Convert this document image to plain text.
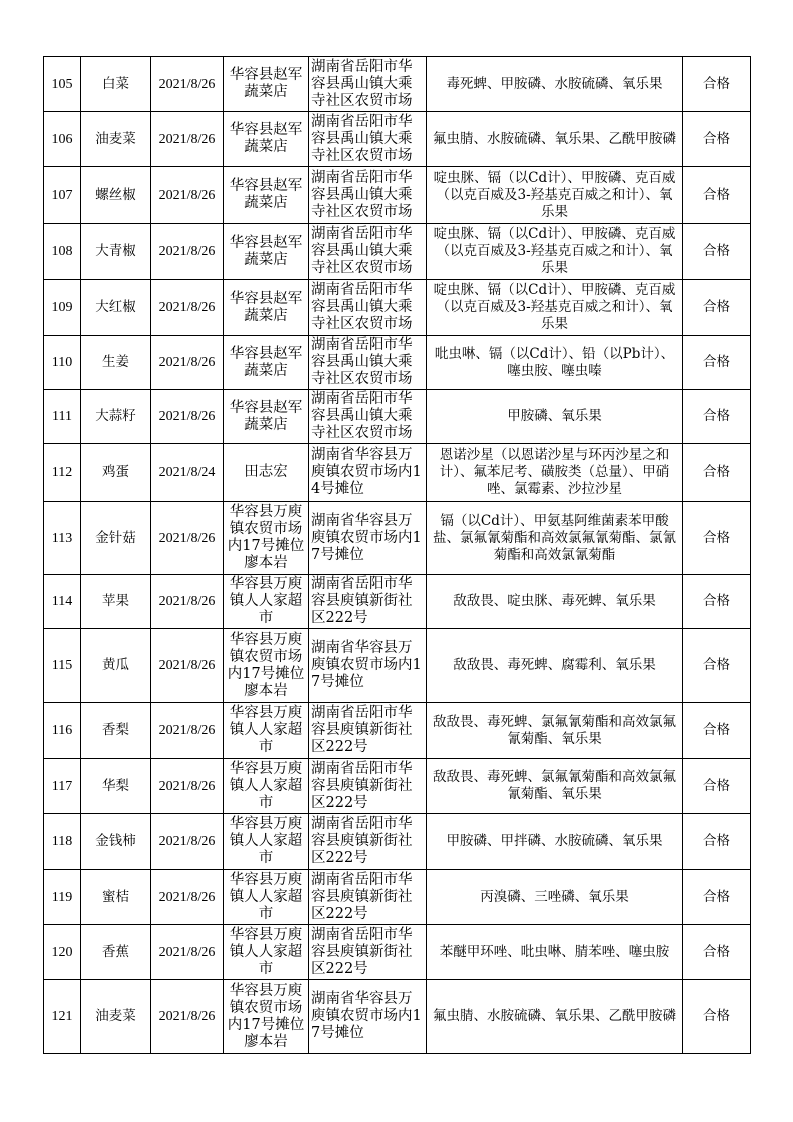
105	白菜	2021/8/26	华容县赵军蔬菜店	湖南省岳阳市华容县禹山镇大乘寺社区农贸市场	毒死蜱、甲胺磷、水胺硫磷、氧乐果	合格
106	油麦菜	2021/8/26	华容县赵军蔬菜店	湖南省岳阳市华容县禹山镇大乘寺社区农贸市场	氟虫腈、水胺硫磷、氧乐果、乙酰甲胺磷	合格
107	螺丝椒	2021/8/26	华容县赵军蔬菜店	湖南省岳阳市华容县禹山镇大乘寺社区农贸市场	啶虫脒、镉（以Cd计）、甲胺磷、克百威（以克百威及3-羟基克百威之和计）、氧乐果	合格
108	大青椒	2021/8/26	华容县赵军蔬菜店	湖南省岳阳市华容县禹山镇大乘寺社区农贸市场	啶虫脒、镉（以Cd计）、甲胺磷、克百威（以克百威及3-羟基克百威之和计）、氧乐果	合格
109	大红椒	2021/8/26	华容县赵军蔬菜店	湖南省岳阳市华容县禹山镇大乘寺社区农贸市场	啶虫脒、镉（以Cd计）、甲胺磷、克百威（以克百威及3-羟基克百威之和计）、氧乐果	合格
110	生姜	2021/8/26	华容县赵军蔬菜店	湖南省岳阳市华容县禹山镇大乘寺社区农贸市场	吡虫啉、镉（以Cd计）、铅（以Pb计）、噻虫胺、噻虫嗪	合格
111	大蒜籽	2021/8/26	华容县赵军蔬菜店	湖南省岳阳市华容县禹山镇大乘寺社区农贸市场	甲胺磷、氧乐果	合格
112	鸡蛋	2021/8/24	田志宏	湖南省华容县万庾镇农贸市场内14号摊位	恩诺沙星（以恩诺沙星与环丙沙星之和计）、氟苯尼考、磺胺类（总量）、甲硝唑、氯霉素、沙拉沙星	合格
113	金针菇	2021/8/26	华容县万庾镇农贸市场内17号摊位廖本岩	湖南省华容县万庾镇农贸市场内17号摊位	镉（以Cd计）、甲氨基阿维菌素苯甲酸盐、氯氟氰菊酯和高效氯氟氰菊酯、氯氰菊酯和高效氯氰菊酯	合格
114	苹果	2021/8/26	华容县万庾镇人人家超市	湖南省岳阳市华容县庾镇新街社区222号	敌敌畏、啶虫脒、毒死蜱、氧乐果	合格
115	黄瓜	2021/8/26	华容县万庾镇农贸市场内17号摊位廖本岩	湖南省华容县万庾镇农贸市场内17号摊位	敌敌畏、毒死蜱、腐霉利、氧乐果	合格
116	香梨	2021/8/26	华容县万庾镇人人家超市	湖南省岳阳市华容县庾镇新街社区222号	敌敌畏、毒死蜱、氯氟氰菊酯和高效氯氟氰菊酯、氧乐果	合格
117	华梨	2021/8/26	华容县万庾镇人人家超市	湖南省岳阳市华容县庾镇新街社区222号	敌敌畏、毒死蜱、氯氟氰菊酯和高效氯氟氰菊酯、氧乐果	合格
118	金钱柿	2021/8/26	华容县万庾镇人人家超市	湖南省岳阳市华容县庾镇新街社区222号	甲胺磷、甲拌磷、水胺硫磷、氧乐果	合格
119	蜜桔	2021/8/26	华容县万庾镇人人家超市	湖南省岳阳市华容县庾镇新街社区222号	丙溴磷、三唑磷、氧乐果	合格
120	香蕉	2021/8/26	华容县万庾镇人人家超市	湖南省岳阳市华容县庾镇新街社区222号	苯醚甲环唑、吡虫啉、腈苯唑、噻虫胺	合格
121	油麦菜	2021/8/26	华容县万庾镇农贸市场内17号摊位廖本岩	湖南省华容县万庾镇农贸市场内17号摊位	氟虫腈、水胺硫磷、氧乐果、乙酰甲胺磷	合格
